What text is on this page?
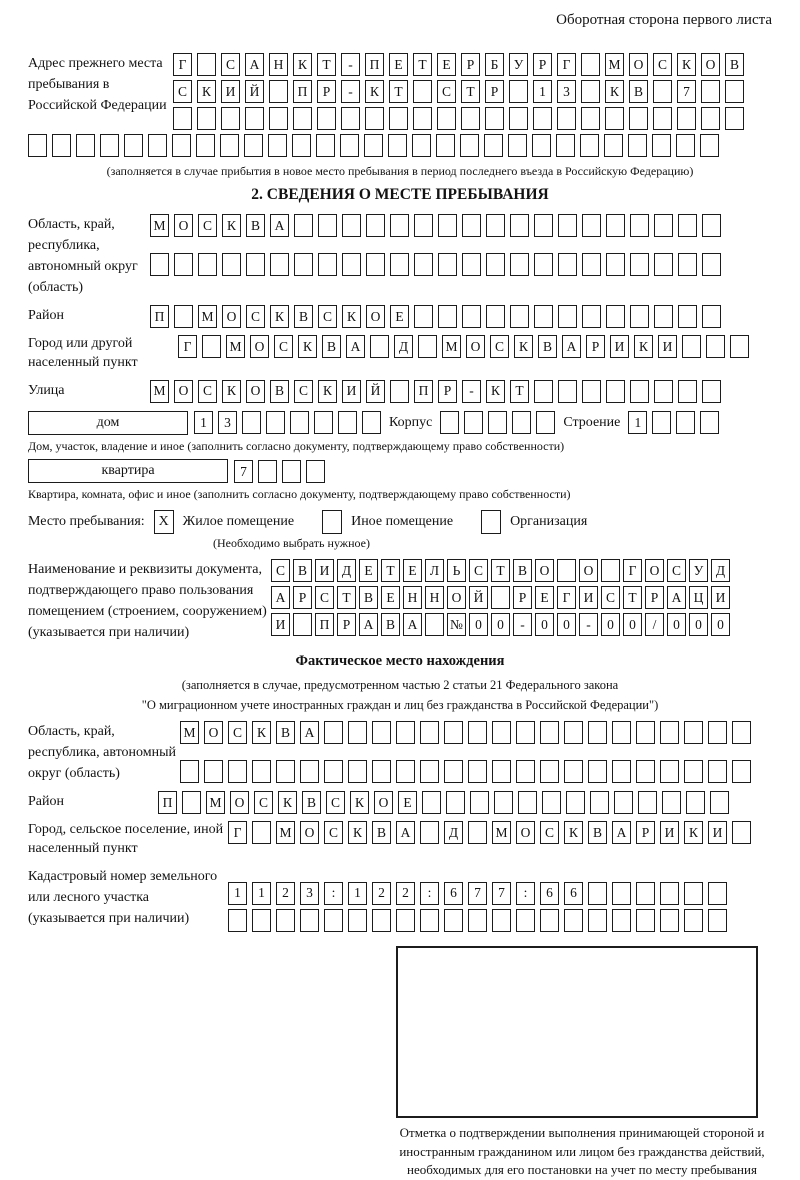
Оборотная сторона первого листа
Адрес прежнего места пребывания в Российской Федерации
Г	С	А	Н	К	Т	-	П	Е	Т	Е	Р	Б	У	Р	Г	М О	С	К	О	В
С	К	И	Й	П	Р	-	К	Т	С	Т	Р	1	3	К	В	7
(заполняется в случае прибытия в новое место пребывания в период последнего въезда в Российскую Федерацию)
2. СВЕДЕНИЯ О МЕСТЕ ПРЕБЫВАНИЯ
Область, край, республика, автономный округ (область)
М О	С	К	В	А
Район	П	М О	С	К	В	С	К	О	Е
Город или другой населенный пункт
Г	М О	С	К	В	А	Д	М О	С	К	В	А	Р	И	К	И
Улица	М О	С	К	О	В	С	К	И	Й	П	Р	-	К	Т
дом	1	3	Корпус	Строение	1
Дом, участок, владение и иное (заполнить согласно документу, подтверждающему право собственности)
квартира	7
Квартира, комната, офис и иное (заполнить согласно документу, подтверждающему право собственности)
Место пребывания: X Жилое помещение	Иное помещение	Организация
(Необходимо выбрать нужное)
Наименование и реквизиты документа, подтверждающего право пользования помещением (строением, сооружением) (указывается при наличии)
С В И Д Е	Т	Е Л	Ь	С Т В О	О	Г О С У Д
А Р	С Т В Е Н Н О Й	Р	Е	Г И С Т	Р А Ц И
И	П Р А В А	№ 0	0	-	0	0	-	0	0	/	0	0	0
Фактическое место нахождения
(заполняется в случае, предусмотренном частью 2 статьи 21 Федерального закона
"О миграционном учете иностранных граждан и лиц без гражданства в Российской Федерации")
Область, край, республика, автономный округ (область)
М О	С	К	В	А
Район	П	М О	С	К	В	С	К	О	Е
Город, сельское поселение, иной населенный пункт
Г	М О	С	К	В	А	Д	М О	С	К	В	А	Р	И	К	И
Кадастровый номер земельного или лесного участка (указывается при наличии)
1	1	2	3	:	1	2	2	:	6	7	7	:	6	6
Отметка о подтверждении выполнения принимающей стороной и иностранным гражданином или лицом без гражданства действий, необходимых для его постановки на учет по месту пребывания
